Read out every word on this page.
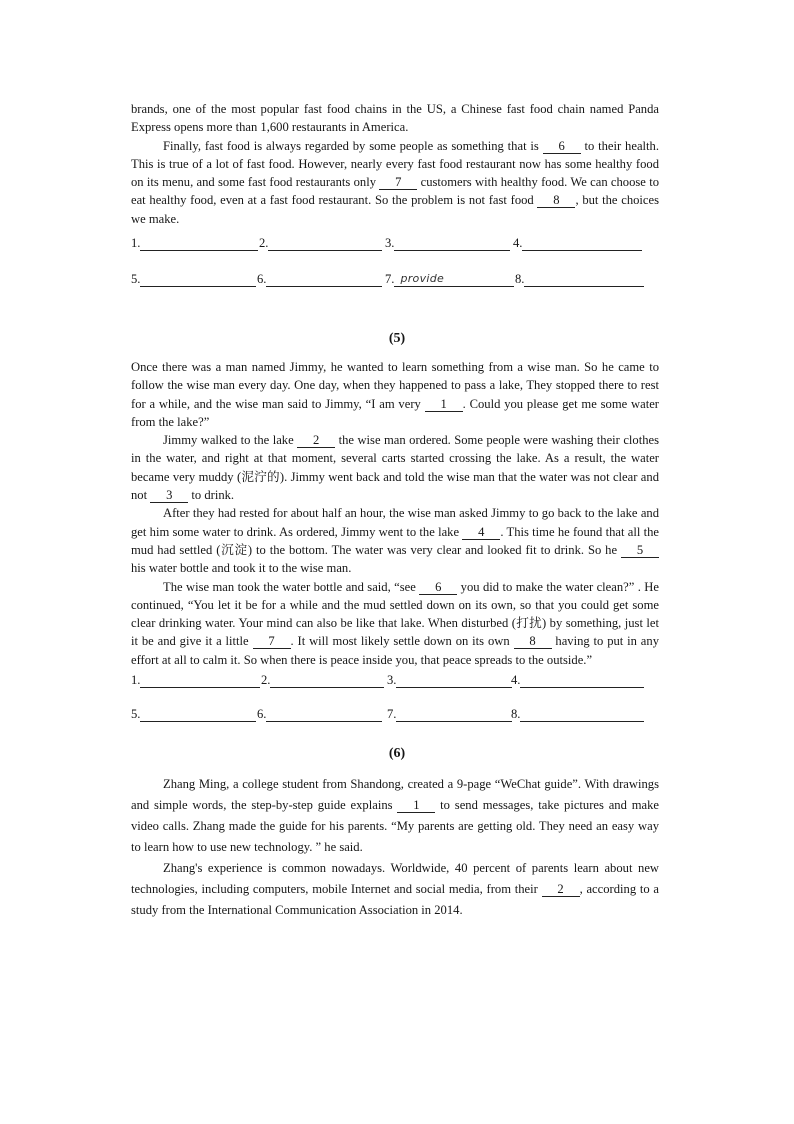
brands, one of the most popular fast food chains in the US, a Chinese fast food chain named Panda Express opens more than 1,600 restaurants in America.

Finally, fast food is always regarded by some people as something that is 6 to their health. This is true of a lot of fast food. However, nearly every fast food restaurant now has some healthy food on its menu, and some fast food restaurants only 7 customers with healthy food. We can choose to eat healthy food, even at a fast food restaurant. So the problem is not fast food 8 , but the choices we make.

1.	2.	3.	4.
5.	6.	7. provide	8.
(5)

Once there was a man named Jimmy, he wanted to learn something from a wise man. So he came to follow the wise man every day. One day, when they happened to pass a lake, They stopped there to rest for a while, and the wise man said to Jimmy, “I am very 1 . Could you please get me some water from the lake?”

Jimmy walked to the lake 2 the wise man ordered. Some people were washing their clothes in the water, and right at that moment, several carts started crossing the lake. As a result, the water became very muddy (泥泞的). Jimmy went back and told the wise man that the water was not clear and not 3 to drink.

After they had rested for about half an hour, the wise man asked Jimmy to go back to the lake and get him some water to drink. As ordered, Jimmy went to the lake 4 . This time he found that all the mud had settled (沉淀) to the bottom. The water was very clear and looked fit to drink. So he 5 his water bottle and took it to the wise man.

The wise man took the water bottle and said, “see 6 you did to make the water clean?” . He continued, “You let it be for a while and the mud settled down on its own, so that you could get some clear drinking water. Your mind can also be like that lake. When disturbed (打扰) by something, just let it be and give it a little 7 . It will most likely settle down on its own 8 having to put in any effort at all to calm it. So when there is peace inside you, that peace spreads to the outside.”

1.	2.	3.	4.
5.	6.	7.	8.
(6)

Zhang Ming, a college student from Shandong, created a 9-page “WeChat guide”. With drawings and simple words, the step-by-step guide explains 1 to send messages, take pictures and make video calls. Zhang made the guide for his parents. “My parents are getting old. They need an easy way to learn how to use new technology. ” he said.

Zhang's experience is common nowadays. Worldwide, 40 percent of parents learn about new technologies, including computers, mobile Internet and social media, from their 2 , according to a study from the International Communication Association in 2014.
